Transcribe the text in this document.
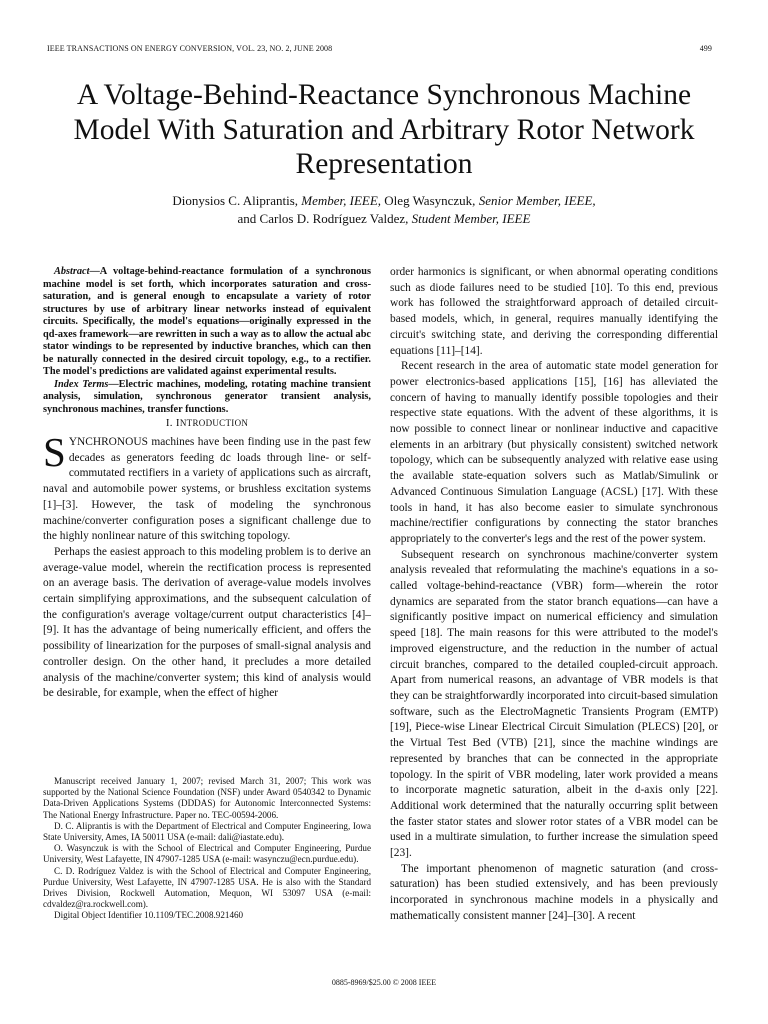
IEEE TRANSACTIONS ON ENERGY CONVERSION, VOL. 23, NO. 2, JUNE 2008	499
A Voltage-Behind-Reactance Synchronous Machine Model With Saturation and Arbitrary Rotor Network Representation
Dionysios C. Aliprantis, Member, IEEE, Oleg Wasynczuk, Senior Member, IEEE,
and Carlos D. Rodríguez Valdez, Student Member, IEEE

Abstract—A voltage-behind-reactance formulation of a synchronous machine model is set forth, which incorporates saturation and cross-saturation, and is general enough to encapsulate a variety of rotor structures by use of arbitrary linear networks instead of equivalent circuits. Specifically, the model's equations—originally expressed in the qd-axes framework—are rewritten in such a way as to allow the actual abc stator windings to be represented by inductive branches, which can then be naturally connected in the desired circuit topology, e.g., to a rectifier. The model's predictions are validated against experimental results.

Index Terms—Electric machines, modeling, rotating machine transient analysis, simulation, synchronous generator transient analysis, synchronous machines, transfer functions.

I. INTRODUCTION

SYNCHRONOUS machines have been finding use in the past few decades as generators feeding dc loads through line- or self-commutated rectifiers in a variety of applications such as aircraft, naval and automobile power systems, or brushless excitation systems [1]–[3]. However, the task of modeling the synchronous machine/converter configuration poses a significant challenge due to the highly nonlinear nature of this switching topology.

Perhaps the easiest approach to this modeling problem is to derive an average-value model, wherein the rectification process is represented on an average basis. The derivation of average-value models involves certain simplifying approximations, and the subsequent calculation of the configuration's average voltage/current output characteristics [4]–[9]. It has the advantage of being numerically efficient, and offers the possibility of linearization for the purposes of small-signal analysis and controller design. On the other hand, it precludes a more detailed analysis of the machine/converter system; this kind of analysis would be desirable, for example, when the effect of higher

Manuscript received January 1, 2007; revised March 31, 2007; This work was supported by the National Science Foundation (NSF) under Award 0540342 to Dynamic Data-Driven Applications Systems (DDDAS) for Autonomic Interconnected Systems: The National Energy Infrastructure. Paper no. TEC-00594-2006.

D. C. Aliprantis is with the Department of Electrical and Computer Engineering, Iowa State University, Ames, IA 50011 USA (e-mail: dali@iastate.edu).

O. Wasynczuk is with the School of Electrical and Computer Engineering, Purdue University, West Lafayette, IN 47907-1285 USA (e-mail: wasynczu@ecn.purdue.edu).

C. D. Rodríguez Valdez is with the School of Electrical and Computer Engineering, Purdue University, West Lafayette, IN 47907-1285 USA. He is also with the Standard Drives Division, Rockwell Automation, Mequon, WI 53097 USA (e-mail: cdvaldez@ra.rockwell.com).

Digital Object Identifier 10.1109/TEC.2008.921460

order harmonics is significant, or when abnormal operating conditions such as diode failures need to be studied [10]. To this end, previous work has followed the straightforward approach of detailed circuit-based models, which, in general, requires manually identifying the circuit's switching state, and deriving the corresponding differential equations [11]–[14].

Recent research in the area of automatic state model generation for power electronics-based applications [15], [16] has alleviated the concern of having to manually identify possible topologies and their respective state equations. With the advent of these algorithms, it is now possible to connect linear or nonlinear inductive and capacitive elements in an arbitrary (but physically consistent) switched network topology, which can be subsequently analyzed with relative ease using the available state-equation solvers such as Matlab/Simulink or Advanced Continuous Simulation Language (ACSL) [17]. With these tools in hand, it has also become easier to simulate synchronous machine/rectifier configurations by connecting the stator branches appropriately to the converter's legs and the rest of the power system.

Subsequent research on synchronous machine/converter system analysis revealed that reformulating the machine's equations in a so-called voltage-behind-reactance (VBR) form—wherein the rotor dynamics are separated from the stator branch equations—can have a significantly positive impact on numerical efficiency and simulation speed [18]. The main reasons for this were attributed to the model's improved eigenstructure, and the reduction in the number of actual circuit branches, compared to the detailed coupled-circuit approach. Apart from numerical reasons, an advantage of VBR models is that they can be straightforwardly incorporated into circuit-based simulation software, such as the ElectroMagnetic Transients Program (EMTP) [19], Piece-wise Linear Electrical Circuit Simulation (PLECS) [20], or the Virtual Test Bed (VTB) [21], since the machine windings are represented by branches that can be connected in the appropriate topology. In the spirit of VBR modeling, later work provided a means to incorporate magnetic saturation, albeit in the d-axis only [22]. Additional work determined that the naturally occurring split between the faster stator states and slower rotor states of a VBR model can be used in a multirate simulation, to further increase the simulation speed [23].

The important phenomenon of magnetic saturation (and cross-saturation) has been studied extensively, and has been previously incorporated in synchronous machine models in a physically and mathematically consistent manner [24]–[30]. A recent

0885-8969/$25.00 © 2008 IEEE
